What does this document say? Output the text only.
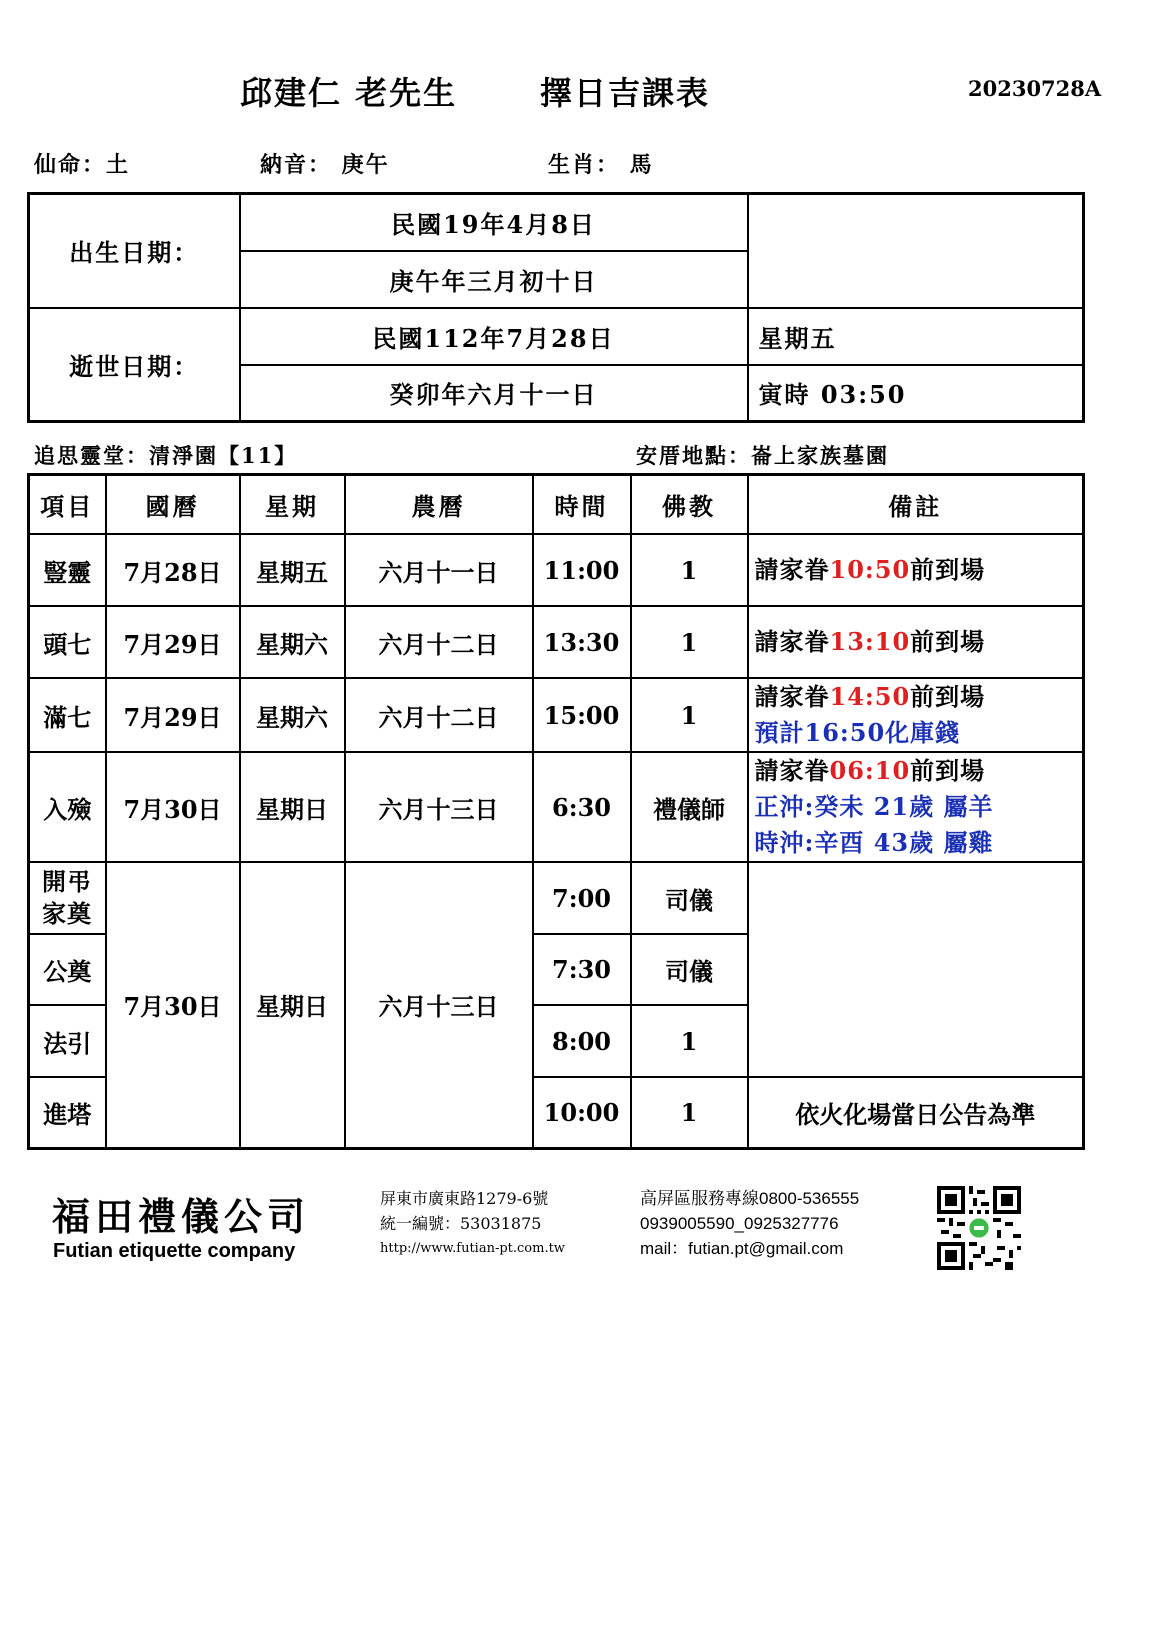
邱建仁 老先生	擇日吉課表	20230728A
仙命：土	納音： 庚午	生肖： 馬
出生日期：	民國19年4月8日	
	庚午年三月初十日	
逝世日期：	民國112年7月28日	星期五
	癸卯年六月十一日	寅時 03:50
追思靈堂：清淨園【11】	安厝地點：崙上家族墓園
項目	國曆	星期	農曆	時間	佛教	備註
豎靈	7月28日	星期五	六月十一日	11:00	1	請家眷10:50前到場
頭七	7月29日	星期六	六月十二日	13:30	1	請家眷13:10前到場
滿七	7月29日	星期六	六月十二日	15:00	1	請家眷14:50前到場
預計16:50化庫錢

入殮	7月30日	星期日	六月十三日	6:30	禮儀師	請家眷06:10前到場
正沖:癸未 21歲 屬羊
時沖:辛酉 43歲 屬雞

開弔
家奠	7月30日	星期日	六月十三日	7:00	司儀	
公奠				7:30	司儀	
法引				8:00	1	
進塔				10:00	1	依火化場當日公告為準
福田禮儀公司
Futian etiquette company
屏東市廣東路1279-6號
統一編號：53031875
http://www.futian-pt.com.tw
高屏區服務專線0800-536555
0939005590_0925327776
mail：futian.pt@gmail.com
